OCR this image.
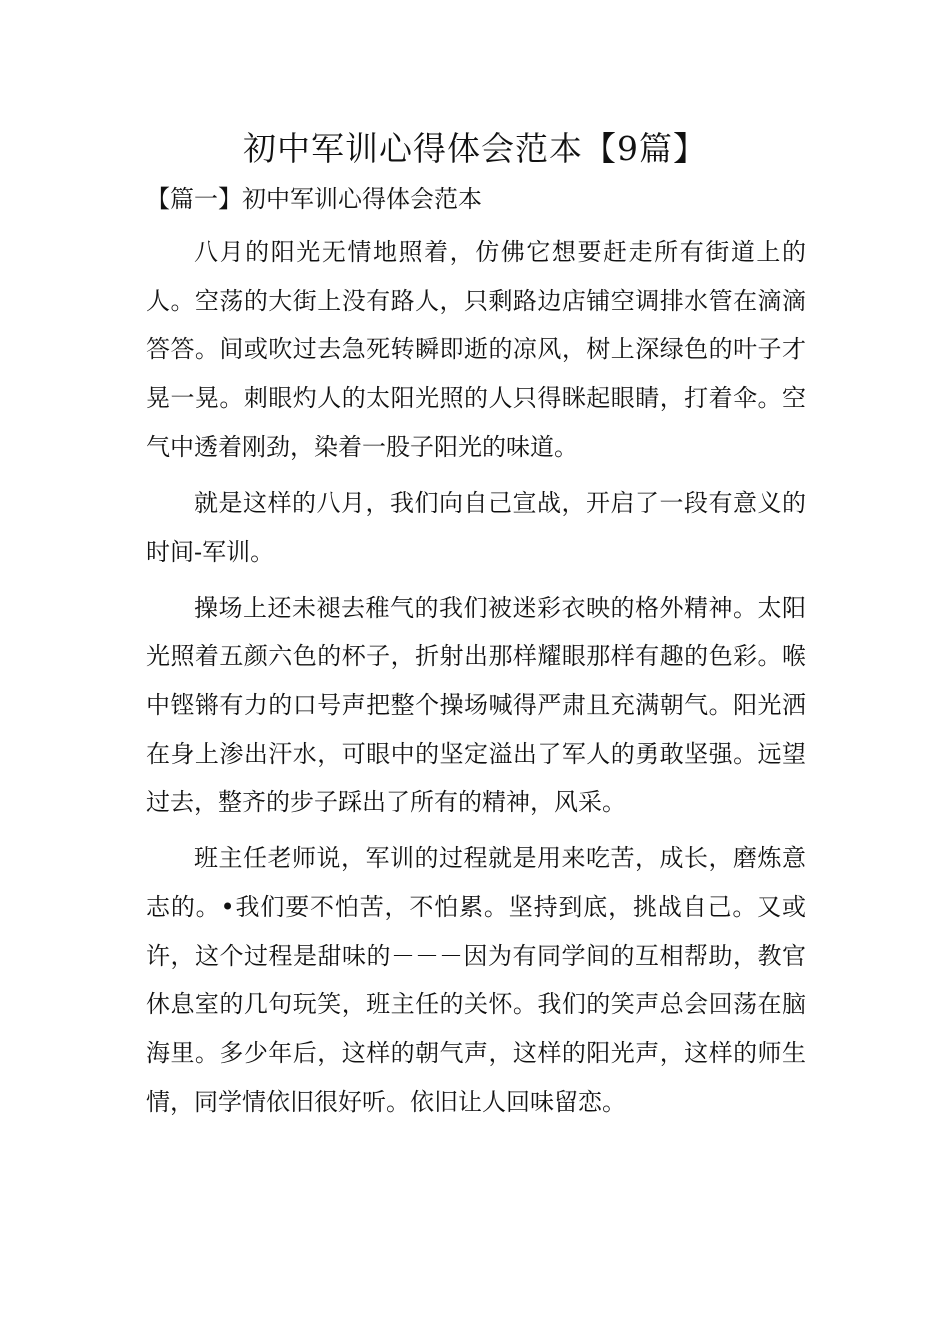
初中军训心得体会范本【9篇】
【篇一】初中军训心得体会范本

八月的阳光无情地照着，仿佛它想要赶走所有街道上的人。空荡的大街上没有路人，只剩路边店铺空调排水管在滴滴答答。间或吹过去急死转瞬即逝的凉风，树上深绿色的叶子才晃一晃。刺眼灼人的太阳光照的人只得眯起眼睛，打着伞。空气中透着刚劲，染着一股子阳光的味道。

就是这样的八月，我们向自己宣战，开启了一段有意义的时间-军训。

操场上还未褪去稚气的我们被迷彩衣映的格外精神。太阳光照着五颜六色的杯子，折射出那样耀眼那样有趣的色彩。喉中铿锵有力的口号声把整个操场喊得严肃且充满朝气。阳光洒在身上渗出汗水，可眼中的坚定溢出了军人的勇敢坚强。远望过去，整齐的步子踩出了所有的精神，风采。

班主任老师说，军训的过程就是用来吃苦，成长，磨炼意志的。•我们要不怕苦，不怕累。坚持到底，挑战自己。又或许，这个过程是甜味的－－－因为有同学间的互相帮助，教官休息室的几句玩笑，班主任的关怀。我们的笑声总会回荡在脑海里。多少年后，这样的朝气声，这样的阳光声，这样的师生情，同学情依旧很好听。依旧让人回味留恋。
